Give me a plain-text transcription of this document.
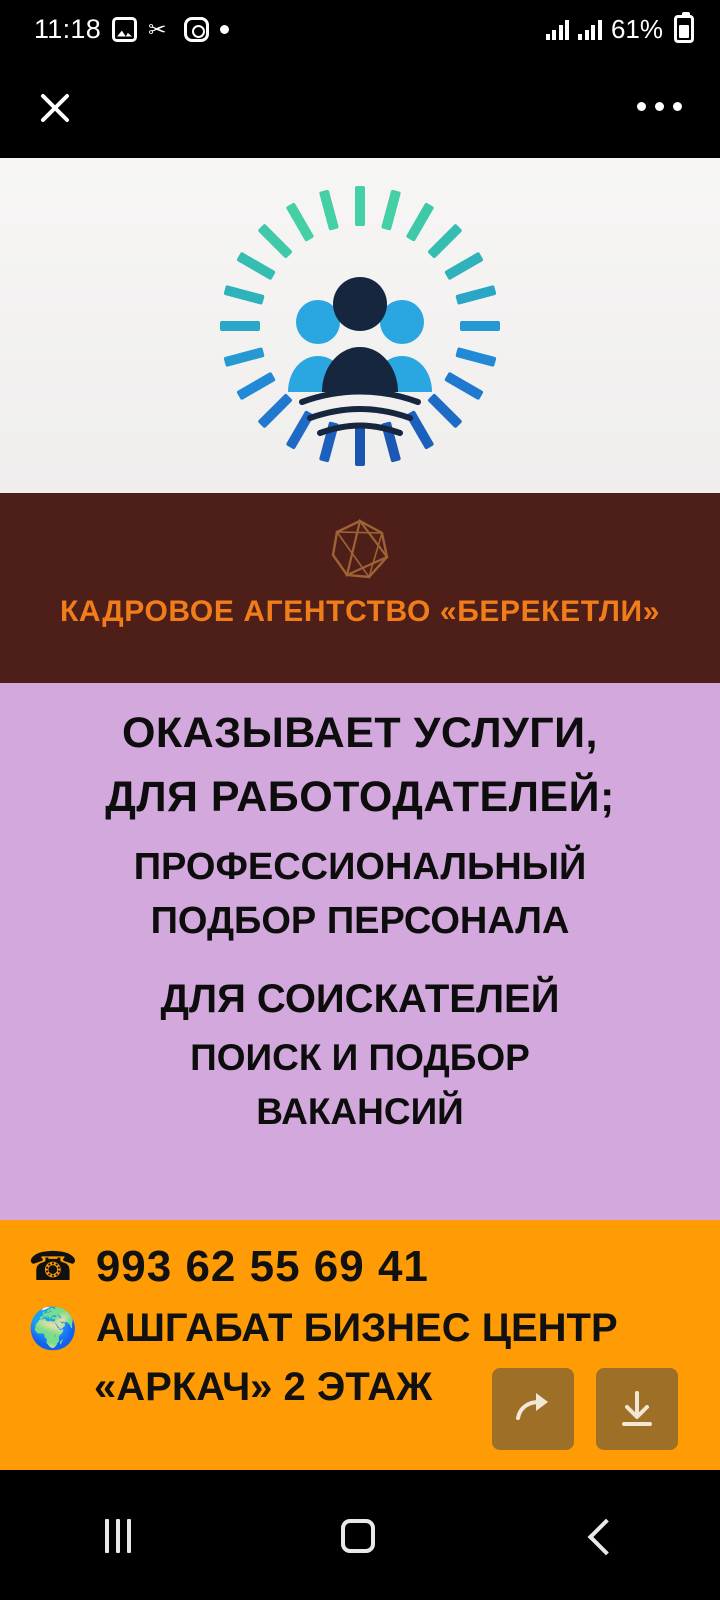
11:18 ✂	61%
КАДРОВОЕ АГЕНТСТВО «БЕРЕКЕТЛИ»
ОКАЗЫВАЕТ УСЛУГИ,
ДЛЯ РАБОТОДАТЕЛЕЙ;
ПРОФЕССИОНАЛЬНЫЙ
ПОДБОР ПЕРСОНАЛА
ДЛЯ СОИСКАТЕЛЕЙ
ПОИСК И ПОДБОР
ВАКАНСИЙ
☎ 993 62 55 69 41
🌍 АШГАБАТ БИЗНЕС ЦЕНТР
«АРКАЧ» 2 ЭТАЖ
